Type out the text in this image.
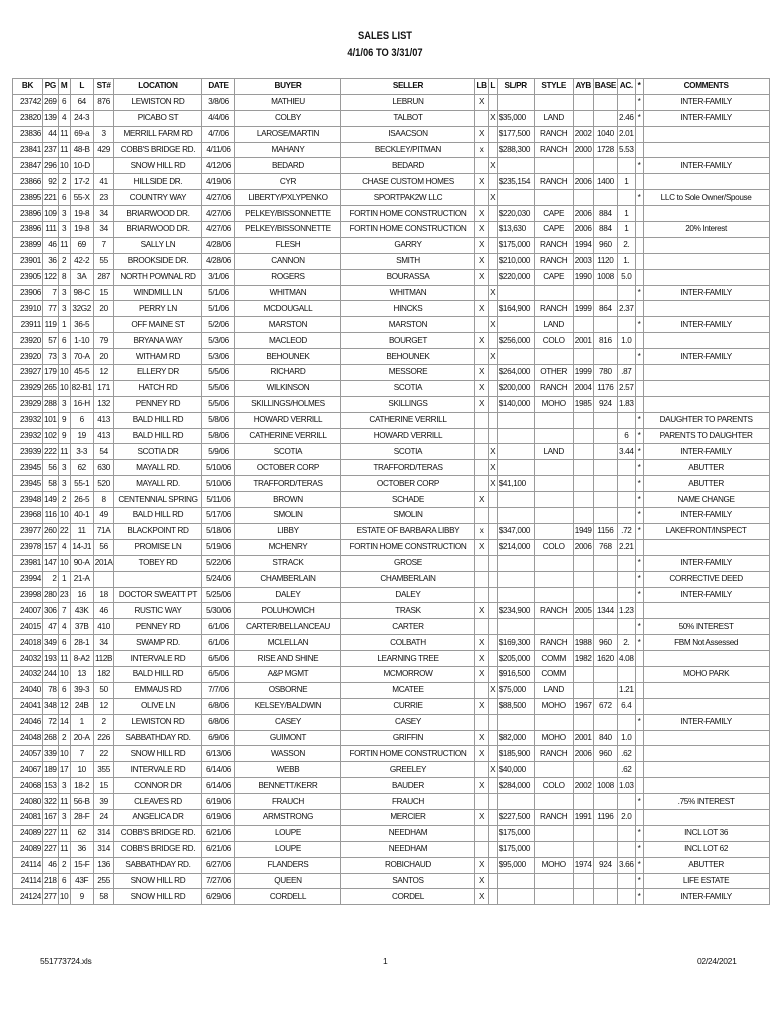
SALES LIST
4/1/06 TO 3/31/07
BK	PG	M	L	ST#	LOCATION	DATE	BUYER	SELLER	LB	L	SL/PR	STYLE	AYB	BASE	AC.	*	COMMENTS
23742	269	6	64	876	LEWISTON RD	3/8/06	MATHIEU	LEBRUN	X							*	INTER-FAMILY
23820	139	4	24-3		PICABO ST	4/4/06	COLBY	TALBOT		X	$35,000	LAND			2.46	*	INTER-FAMILY
23836	44	11	69-a	3	MERRILL FARM RD	4/7/06	LAROSE/MARTIN	ISAACSON	X		$177,500	RANCH	2002	1040	2.01		
23841	237	11	48-B	429	COBB'S BRIDGE RD.	4/11/06	MAHANY	BECKLEY/PITMAN	x		$288,300	RANCH	2000	1728	5.53		
23847	296	10	10-D		SNOW HILL RD	4/12/06	BEDARD	BEDARD		X						*	INTER-FAMILY
23866	92	2	17-2	41	HILLSIDE DR.	4/19/06	CYR	CHASE CUSTOM HOMES	X		$235,154	RANCH	2006	1400	1		
23895	221	6	55-X	23	COUNTRY WAY	4/27/06	LIBERTY/PXLYPENKO	SPORTPAK2W LLC		X						*	LLC to Sole Owner/Spouse
23896	109	3	19-8	34	BRIARWOOD DR.	4/27/06	PELKEY/BISSONNETTE	FORTIN HOME CONSTRUCTION	X		$220,030	CAPE	2006	884	1		
23896	111	3	19-8	34	BRIARWOOD DR.	4/27/06	PELKEY/BISSONNETTE	FORTIN HOME CONSTRUCTION	X		$13,630	CAPE	2006	884	1		20% Interest
23899	46	11	69	7	SALLY LN	4/28/06	FLESH	GARRY	X		$175,000	RANCH	1994	960	2.		
23901	36	2	42-2	55	BROOKSIDE DR.	4/28/06	CANNON	SMITH	X		$210,000	RANCH	2003	1120	1.		
23905	122	8	3A	287	NORTH POWNAL RD	3/1/06	ROGERS	BOURASSA	X		$220,000	CAPE	1990	1008	5.0		
23906	7	3	98-C	15	WINDMILL LN	5/1/06	WHITMAN	WHITMAN		X						*	INTER-FAMILY
23910	77	3	32G2	20	PERRY LN	5/1/06	MCDOUGALL	HINCKS	X		$164,900	RANCH	1999	864	2.37		
23911	119	1	36-5		OFF MAINE ST	5/2/06	MARSTON	MARSTON		X		LAND				*	INTER-FAMILY
23920	57	6	1-10	79	BRYANA WAY	5/3/06	MACLEOD	BOURGET	X		$256,000	COLO	2001	816	1.0		
23920	73	3	70-A	20	WITHAM RD	5/3/06	BEHOUNEK	BEHOUNEK		X						*	INTER-FAMILY
23927	179	10	45-5	12	ELLERY DR	5/5/06	RICHARD	MESSORE	X		$264,000	OTHER	1999	780	.87		
23929	265	10	82-B1	171	HATCH RD	5/5/06	WILKINSON	SCOTIA	X		$200,000	RANCH	2004	1176	2.57		
23929	288	3	16-H	132	PENNEY RD	5/5/06	SKILLINGS/HOLMES	SKILLINGS	X		$140,000	MOHO	1985	924	1.83		
23932	101	9	6	413	BALD HILL RD	5/8/06	HOWARD VERRILL	CATHERINE VERRILL								*	DAUGHTER TO PARENTS
23932	102	9	19	413	BALD HILL RD	5/8/06	CATHERINE VERRILL	HOWARD VERRILL							6	*	PARENTS TO DAUGHTER
23939	222	11	3-3	54	SCOTIA DR	5/9/06	SCOTIA	SCOTIA		X		LAND			3.44	*	INTER-FAMILY
23945	56	3	62	630	MAYALL RD.	5/10/06	OCTOBER CORP	TRAFFORD/TERAS		X						*	ABUTTER
23945	58	3	55-1	520	MAYALL RD.	5/10/06	TRAFFORD/TERAS	OCTOBER CORP		X	$41,100					*	ABUTTER
23948	149	2	26-5	8	CENTENNIAL SPRING	5/11/06	BROWN	SCHADE	X							*	NAME CHANGE
23968	116	10	40-1	49	BALD HILL RD	5/17/06	SMOLIN	SMOLIN								*	INTER-FAMILY
23977	260	22	11	71A	BLACKPOINT RD	5/18/06	LIBBY	ESTATE OF BARBARA LIBBY	x		$347,000		1949	1156	.72	*	LAKEFRONT/INSPECT
23978	157	4	14-J1	56	PROMISE LN	5/19/06	MCHENRY	FORTIN HOME CONSTRUCTION	X		$214,000	COLO	2006	768	2.21		
23981	147	10	90-A	201A	TOBEY RD	5/22/06	STRACK	GROSE								*	INTER-FAMILY
23994	2	1	21-A			5/24/06	CHAMBERLAIN	CHAMBERLAIN								*	CORRECTIVE DEED
23998	280	23	16	18	DOCTOR SWEATT PT	5/25/06	DALEY	DALEY								*	INTER-FAMILY
24007	306	7	43K	46	RUSTIC WAY	5/30/06	POLUHOWICH	TRASK	X		$234,900	RANCH	2005	1344	1.23		
24015	47	4	37B	410	PENNEY RD	6/1/06	CARTER/BELLANCEAU	CARTER								*	50% INTEREST
24018	349	6	28-1	34	SWAMP RD.	6/1/06	MCLELLAN	COLBATH	X		$169,300	RANCH	1988	960	2.	*	FBM Not Assessed
24032	193	11	8-A2	112B	INTERVALE RD	6/5/06	RISE AND SHINE	LEARNING TREE	X		$205,000	COMM	1982	1620	4.08		
24032	244	10	13	182	BALD HILL RD	6/5/06	A&P MGMT	MCMORROW	X		$916,500	COMM					MOHO PARK
24040	78	6	39-3	50	EMMAUS RD	7/7/06	OSBORNE	MCATEE		X	$75,000	LAND			1.21		
24041	348	12	24B	12	OLIVE LN	6/8/06	KELSEY/BALDWIN	CURRIE	X		$88,500	MOHO	1967	672	6.4		
24046	72	14	1	2	LEWISTON RD	6/8/06	CASEY	CASEY								*	INTER-FAMILY
24048	268	2	20-A	226	SABBATHDAY RD.	6/9/06	GUIMONT	GRIFFIN	X		$82,000	MOHO	2001	840	1.0		
24057	339	10	7	22	SNOW HILL RD	6/13/06	WASSON	FORTIN HOME CONSTRUCTION	X		$185,900	RANCH	2006	960	.62		
24067	189	17	10	355	INTERVALE RD	6/14/06	WEBB	GREELEY		X	$40,000				.62		
24068	153	3	18-2	15	CONNOR DR	6/14/06	BENNETT/KERR	BAUDER	X		$284,000	COLO	2002	1008	1.03		
24080	322	11	56-B	39	CLEAVES RD	6/19/06	FRAUCH	FRAUCH								*	.75% INTEREST
24081	167	3	28-F	24	ANGELICA DR	6/19/06	ARMSTRONG	MERCIER	X		$227,500	RANCH	1991	1196	2.0		
24089	227	11	62	314	COBB'S BRIDGE RD.	6/21/06	LOUPE	NEEDHAM			$175,000					*	INCL LOT 36
24089	227	11	36	314	COBB'S BRIDGE RD.	6/21/06	LOUPE	NEEDHAM			$175,000					*	INCL LOT 62
24114	46	2	15-F	136	SABBATHDAY RD.	6/27/06	FLANDERS	ROBICHAUD	X		$95,000	MOHO	1974	924	3.66	*	ABUTTER
24114	218	6	43F	255	SNOW HILL RD	7/27/06	QUEEN	SANTOS	X							*	LIFE ESTATE
24124	277	10	9	58	SNOW HILL RD	6/29/06	CORDELL	CORDEL	X							*	INTER-FAMILY
551773724.xls	1	02/24/2021
